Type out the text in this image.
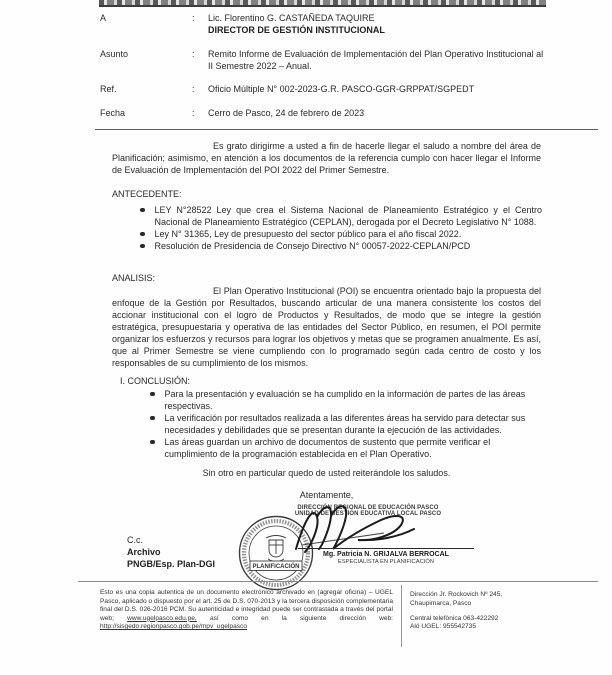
A	:	Lic. Florentino G. CASTAÑEDA TAQUIRE
DIRECTOR DE GESTIÓN INSTITUCIONAL
Asunto	:	Remito Informe de Evaluación de Implementación del Plan Operativo Institucional al II Semestre 2022 – Anual.
Ref.	:	Oficio Múltiple N° 002-2023-G.R. PASCO-GGR-GRPPAT/SGPEDT
Fecha	:	Cerro de Pasco, 24 de febrero de 2023
Es grato dirigirme a usted a fin de hacerle llegar el saludo a nombre del área de Planificación; asimismo, en atención a los documentos de la referencia cumplo con hacer llegar el Informe de Evaluación de Implementación del POI 2022 del Primer Semestre.
ANTECEDENTE:
LEY N°28522 Ley que crea el Sistema Nacional de Planeamiento Estratégico y el Centro Nacional de Planeamiento Estratégico (CEPLAN), derogada por el Decreto Legislativo N° 1088.
Ley N° 31365, Ley de presupuesto del sector público para el año fiscal 2022.
Resolución de Presidencia de Consejo Directivo N° 00057-2022-CEPLAN/PCD
ANALISIS:
El Plan Operativo Institucional (POI) se encuentra orientado bajo la propuesta del enfoque de la Gestión por Resultados, buscando articular de una manera consistente los costos del accionar institucional con el logro de Productos y Resultados, de modo que se integre la gestión estratégica, presupuestaria y operativa de las entidades del Sector Público, en resumen, el POI permite organizar los esfuerzos y recursos para lograr los objetivos y metas que se programen anualmente. Es así, que al Primer Semestre se viene cumpliendo con lo programado según cada centro de costo y los responsables de su cumplimiento de los mismos.
I. CONCLUSIÓN:
Para la presentación y evaluación se ha cumplido en la información de partes de las áreas respectivas.
La verificación por resultados realizada a las diferentes áreas ha servido para detectar sus necesidades y debilidades que se presentan durante la ejecución de las actividades.
Las áreas guardan un archivo de documentos de sustento que permite verificar el cumplimiento de la programación establecida en el Plan Operativo.
Sin otro en particular quedo de usted reiterándole los saludos.
Atentamente,
DIRECCIÓN REGIONAL DE EDUCACIÓN PASCO
UNIDAD DE GESTIÓN EDUCATIVA LOCAL PASCO
PLANIFICACIÓN
Mg. Patricia N. GRIJALVA BERROCAL
ESPECIALISTA EN PLANIFICACIÓN
C.c.
Archivo
PNGB/Esp. Plan-DGI
Esto es una copia autentica de un documento electrónico archivado en (agregar oficina) – UGEL
Pasco, aplicado o dispuesto por el art. 25 de D.S. 070-2013 y la tercera disposición complementaria
final del D.S. 026-2016 PCM. Su autenticidad e integridad puede ser contrastada a través del portal
web; www.ugelpasco.edu.pe, así como en la siguiente dirección web:
http://sisgedo.regionpasco.gob.pe/mpv_ugelpasco
Dirección Jr. Rockovich Nº 245,
Chaupimarca, Pasco
Central telefónica 063-422292
Aló UGEL: 955542735
